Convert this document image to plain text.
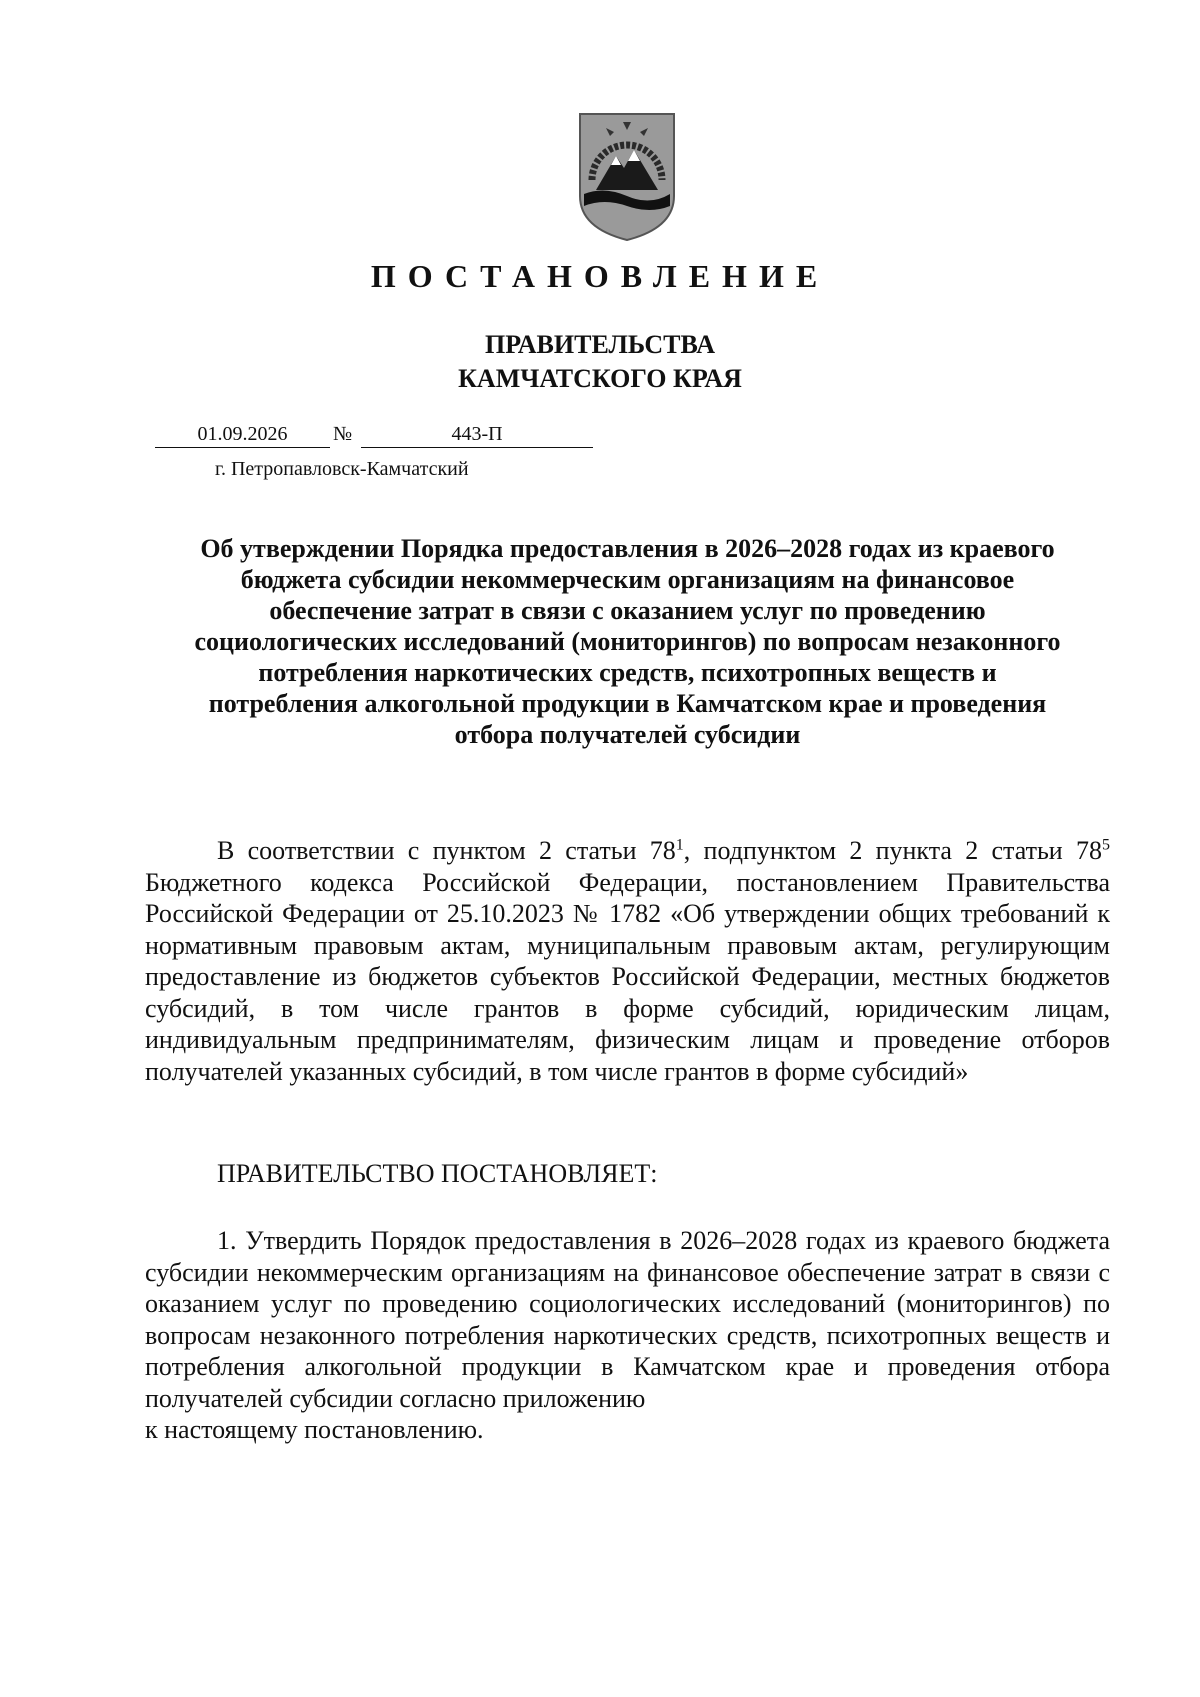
ПОСТАНОВЛЕНИЕ
ПРАВИТЕЛЬСТВА
КАМЧАТСКОГО КРАЯ
01.09.2026	№	443-П
г. Петропавловск-Камчатский
Об утверждении Порядка предоставления в 2026–2028 годах из краевого
бюджета субсидии некоммерческим организациям на финансовое
обеспечение затрат в связи с оказанием услуг по проведению
социологических исследований (мониторингов) по вопросам незаконного
потребления наркотических средств, психотропных веществ и
потребления алкогольной продукции в Камчатском крае и проведения
отбора получателей субсидии
В соответствии с пунктом 2 статьи $78^1$, подпунктом 2 пункта 2 статьи $78^5$ Бюджетного кодекса Российской Федерации, постановлением Правительства Российской Федерации от 25.10.2023 № 1782 «Об утверждении общих требований к нормативным правовым актам, муниципальным правовым актам, регулирующим предоставление из бюджетов субъектов Российской Федерации, местных бюджетов субсидий, в том числе грантов в форме субсидий, юридическим лицам, индивидуальным предпринимателям, физическим лицам и проведение отборов получателей указанных субсидий, в том числе грантов в форме субсидий»
ПРАВИТЕЛЬСТВО ПОСТАНОВЛЯЕТ:
1. Утвердить Порядок предоставления в 2026–2028 годах из краевого бюджета субсидии некоммерческим организациям на финансовое обеспечение затрат в связи с оказанием услуг по проведению социологических исследований (мониторингов) по вопросам незаконного потребления наркотических средств, психотропных веществ и потребления алкогольной продукции в Камчатском крае и проведения отбора получателей субсидии согласно приложению
к настоящему постановлению.
